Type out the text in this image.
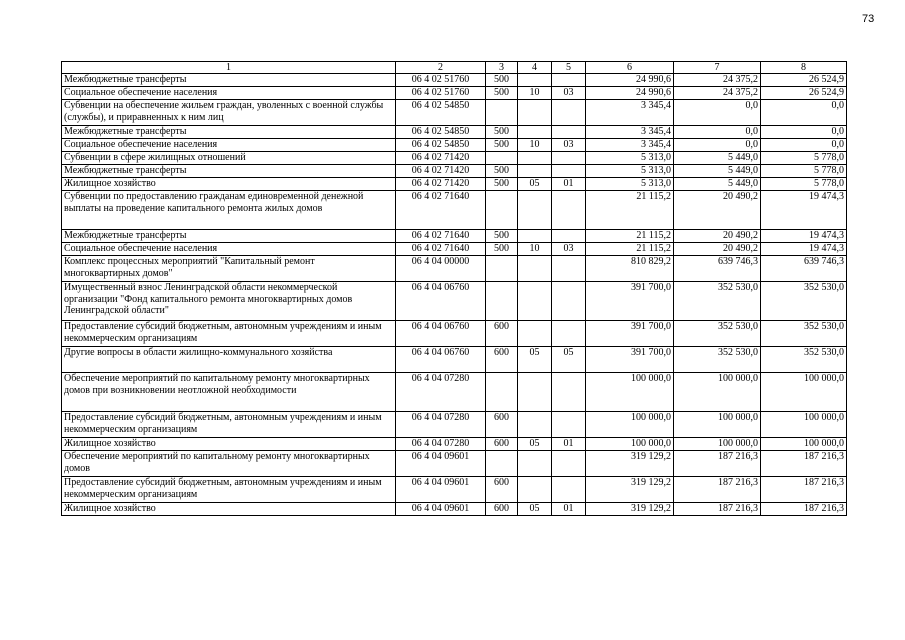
73
1	2	3	4	5	6	7	8
Межбюджетные трансферты	06 4 02 51760	500			24 990,6	24 375,2	26 524,9
Социальное обеспечение населения	06 4 02 51760	500	10	03	24 990,6	24 375,2	26 524,9
Субвенции на обеспечение жильем граждан, уволенных с военной службы (службы), и приравненных к ним лиц	06 4 02 54850				3 345,4	0,0	0,0
Межбюджетные трансферты	06 4 02 54850	500			3 345,4	0,0	0,0
Социальное обеспечение населения	06 4 02 54850	500	10	03	3 345,4	0,0	0,0
Субвенции в сфере жилищных отношений	06 4 02 71420				5 313,0	5 449,0	5 778,0
Межбюджетные трансферты	06 4 02 71420	500			5 313,0	5 449,0	5 778,0
Жилищное хозяйство	06 4 02 71420	500	05	01	5 313,0	5 449,0	5 778,0
Субвенции по предоставлению гражданам единовременной денежной выплаты на проведение капитального ремонта жилых домов	06 4 02 71640				21 115,2	20 490,2	19 474,3
Межбюджетные трансферты	06 4 02 71640	500			21 115,2	20 490,2	19 474,3
Социальное обеспечение населения	06 4 02 71640	500	10	03	21 115,2	20 490,2	19 474,3
Комплекс процессных мероприятий "Капитальный ремонт многоквартирных домов"	06 4 04 00000				810 829,2	639 746,3	639 746,3
Имущественный взнос Ленинградской области некоммерческой организации "Фонд капитального ремонта многоквартирных домов Ленинградской области"	06 4 04 06760				391 700,0	352 530,0	352 530,0
Предоставление субсидий бюджетным, автономным учреждениям и иным некоммерческим организациям	06 4 04 06760	600			391 700,0	352 530,0	352 530,0
Другие вопросы в области жилищно-коммунального хозяйства	06 4 04 06760	600	05	05	391 700,0	352 530,0	352 530,0
Обеспечение мероприятий по капитальному ремонту многоквартирных домов при возникновении неотложной необходимости	06 4 04 07280				100 000,0	100 000,0	100 000,0
Предоставление субсидий бюджетным, автономным учреждениям и иным некоммерческим организациям	06 4 04 07280	600			100 000,0	100 000,0	100 000,0
Жилищное хозяйство	06 4 04 07280	600	05	01	100 000,0	100 000,0	100 000,0
Обеспечение мероприятий по капитальному ремонту многоквартирных домов	06 4 04 09601				319 129,2	187 216,3	187 216,3
Предоставление субсидий бюджетным, автономным учреждениям и иным некоммерческим организациям	06 4 04 09601	600			319 129,2	187 216,3	187 216,3
Жилищное хозяйство	06 4 04 09601	600	05	01	319 129,2	187 216,3	187 216,3
